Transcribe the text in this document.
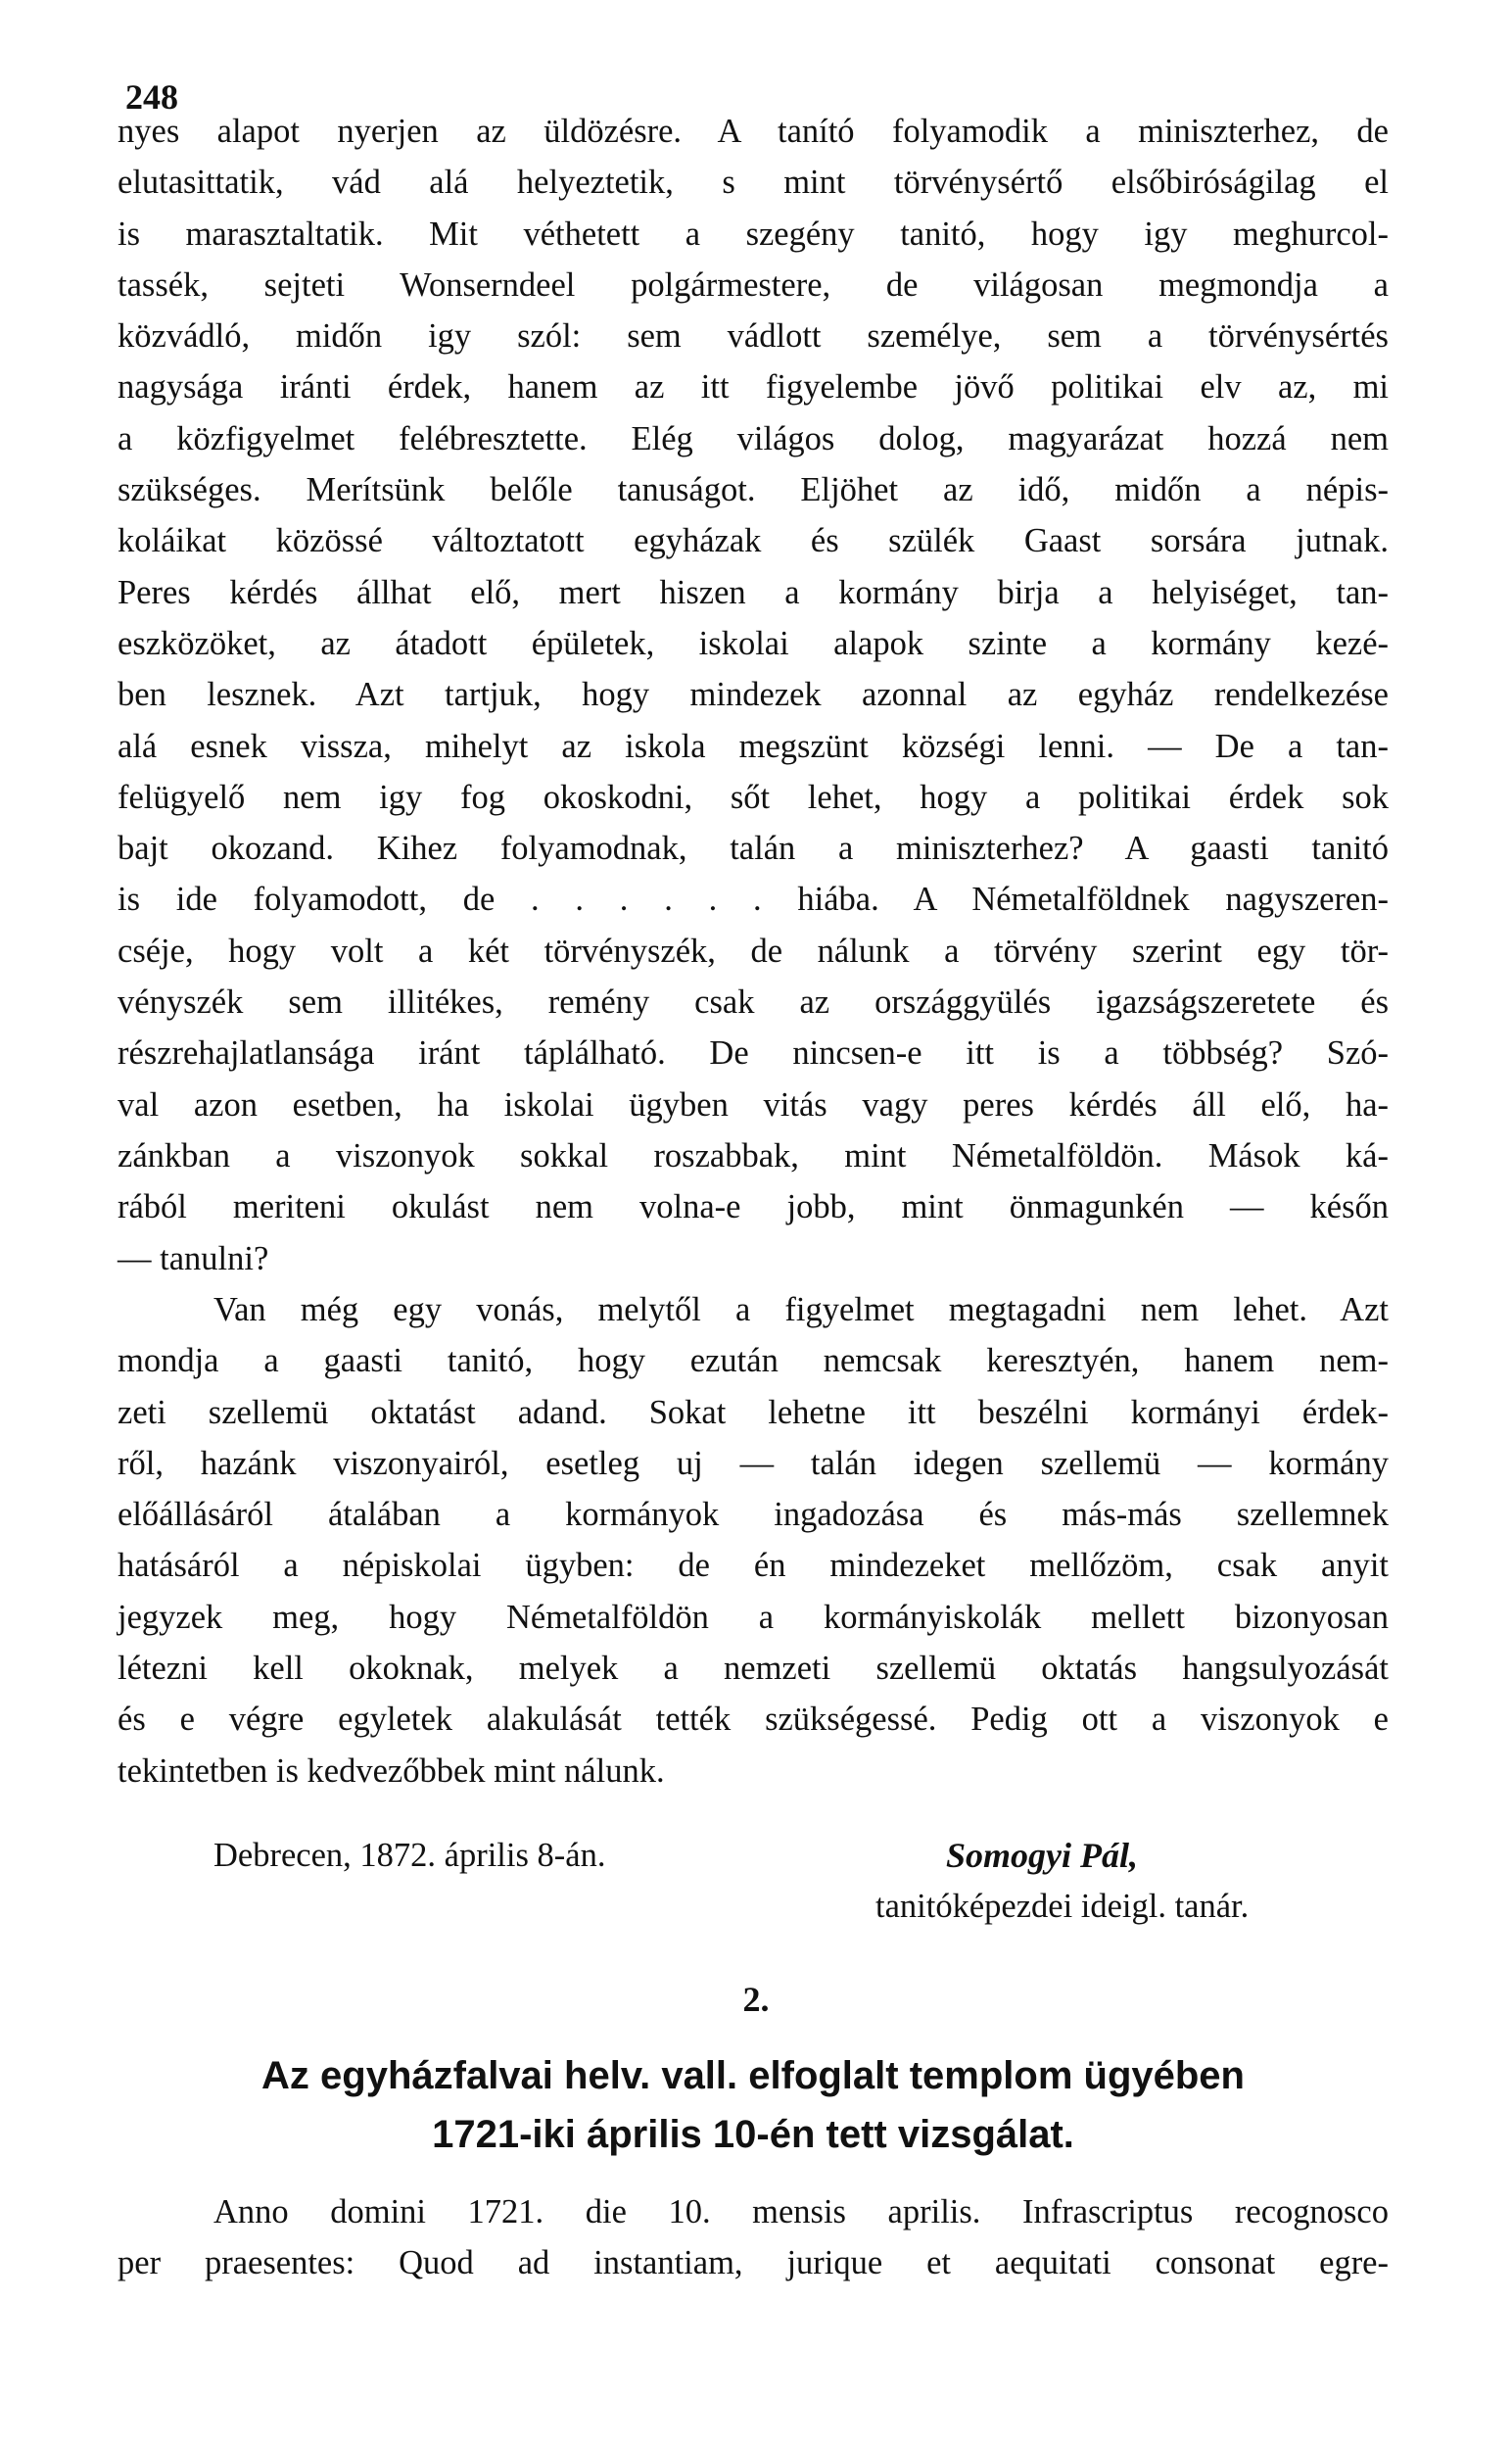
248
nyes alapot nyerjen az üldözésre. A tanító folyamodik a miniszterhez, de
elutasittatik, vád alá helyeztetik, s mint törvénysértő elsőbiróságilag el
is marasztaltatik. Mit véthetett a szegény tanitó, hogy igy meghurcol-
tassék, sejteti Wonserndeel polgármestere, de világosan megmondja a
közvádló, midőn igy szól: sem vádlott személye, sem a törvénysértés
nagysága iránti érdek, hanem az itt figyelembe jövő politikai elv az, mi
a közfigyelmet felébresztette. Elég világos dolog, magyarázat hozzá nem
szükséges. Merítsünk belőle tanuságot. Eljöhet az idő, midőn a népis-
koláikat közössé változtatott egyházak és szülék Gaast sorsára jutnak.
Peres kérdés állhat elő, mert hiszen a kormány birja a helyiséget, tan-
eszközöket, az átadott épületek, iskolai alapok szinte a kormány kezé-
ben lesznek. Azt tartjuk, hogy mindezek azonnal az egyház rendelkezése
alá esnek vissza, mihelyt az iskola megszünt községi lenni. — De a tan-
felügyelő nem igy fog okoskodni, sőt lehet, hogy a politikai érdek sok
bajt okozand. Kihez folyamodnak, talán a miniszterhez? A gaasti tanitó
is ide folyamodott, de . . . . . . hiába. A Németalföldnek nagyszeren-
cséje, hogy volt a két törvényszék, de nálunk a törvény szerint egy tör-
vényszék sem illitékes, remény csak az országgyülés igazságszeretete és
részrehajlatlansága iránt táplálható. De nincsen-e itt is a többség? Szó-
val azon esetben, ha iskolai ügyben vitás vagy peres kérdés áll elő, ha-
zánkban a viszonyok sokkal roszabbak, mint Németalföldön. Mások ká-
rából meriteni okulást nem volna-e jobb, mint önmagunkén — későn
— tanulni?
Van még egy vonás, melytől a figyelmet megtagadni nem lehet. Azt
mondja a gaasti tanitó, hogy ezután nemcsak keresztyén, hanem nem-
zeti szellemü oktatást adand. Sokat lehetne itt beszélni kormányi érdek-
ről, hazánk viszonyairól, esetleg uj — talán idegen szellemü — kormány
előállásáról átalában a kormányok ingadozása és más-más szellemnek
hatásáról a népiskolai ügyben: de én mindezeket mellőzöm, csak anyit
jegyzek meg, hogy Németalföldön a kormányiskolák mellett bizonyosan
létezni kell okoknak, melyek a nemzeti szellemü oktatás hangsulyozását
és e végre egyletek alakulását tették szükségessé. Pedig ott a viszonyok e
tekintetben is kedvezőbbek mint nálunk.
Debrecen, 1872. április 8-án.	Somogyi Pál,
tanitóképezdei ideigl. tanár.
2.
Az egyházfalvai helv. vall. elfoglalt templom ügyében
1721-iki április 10-én tett vizsgálat.
Anno domini 1721. die 10. mensis aprilis. Infrascriptus recognosco
per praesentes: Quod ad instantiam, jurique et aequitati consonat egre-
